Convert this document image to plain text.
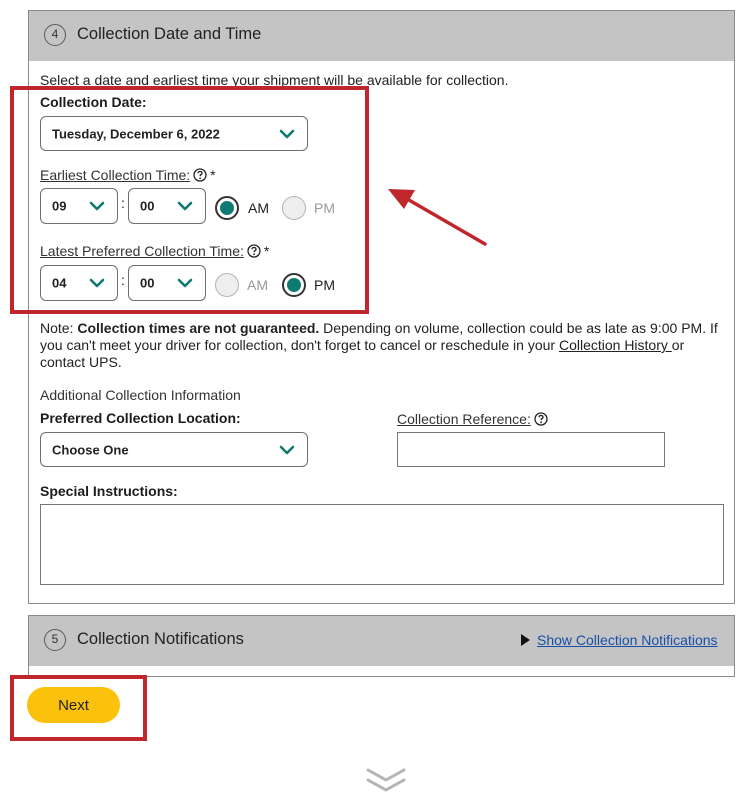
4	Collection Date and Time
Select a date and earliest time your shipment will be available for collection.
Collection Date:
Tuesday, December 6, 2022
Earliest Collection Time: *
09	: 00	AM	PM
Latest Preferred Collection Time: *
04	: 00	AM	PM
Note: Collection times are not guaranteed. Depending on volume, collection could be as late as 9:00 PM. If you can't meet your driver for collection, don't forget to cancel or reschedule in your Collection History or contact UPS.
Additional Collection Information
Preferred Collection Location:
Choose One
Collection Reference:
Special Instructions:
5	Collection Notifications	Show Collection Notifications
Next
